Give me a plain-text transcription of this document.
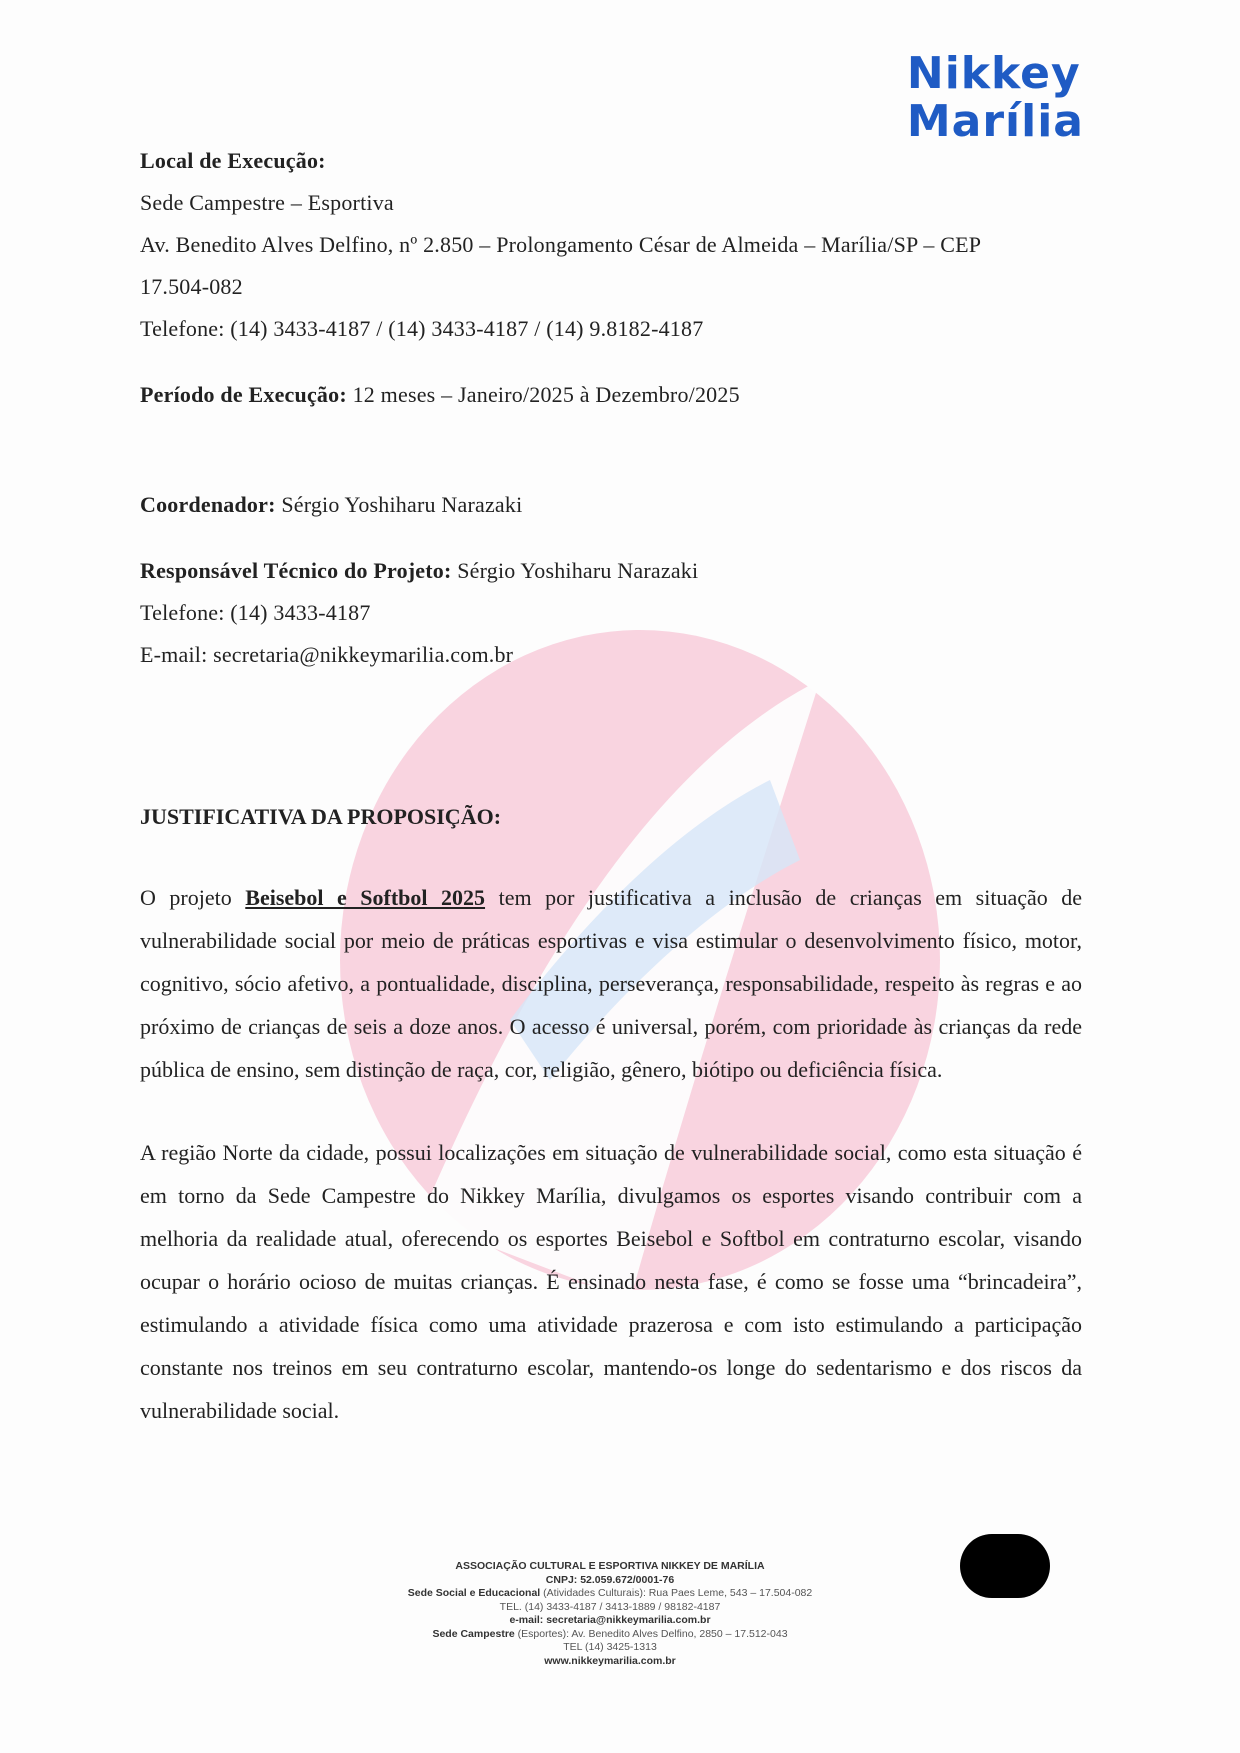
Nikkey
Marília
Local de Execução:
Sede Campestre – Esportiva
Av. Benedito Alves Delfino, nº 2.850 – Prolongamento César de Almeida – Marília/SP – CEP
17.504-082
Telefone: (14) 3433-4187 / (14) 3433-4187 / (14) 9.8182-4187
Período de Execução: 12 meses – Janeiro/2025 à Dezembro/2025
Coordenador: Sérgio Yoshiharu Narazaki
Responsável Técnico do Projeto: Sérgio Yoshiharu Narazaki
Telefone: (14) 3433-4187
E-mail: secretaria@nikkeymarilia.com.br
JUSTIFICATIVA DA PROPOSIÇÃO:

O projeto Beisebol e Softbol 2025 tem por justificativa a inclusão de crianças em situação de vulnerabilidade social por meio de práticas esportivas e visa estimular o desenvolvimento físico, motor, cognitivo, sócio afetivo, a pontualidade, disciplina, perseverança, responsabilidade, respeito às regras e ao próximo de crianças de seis a doze anos. O acesso é universal, porém, com prioridade às crianças da rede pública de ensino, sem distinção de raça, cor, religião, gênero, biótipo ou deficiência física.

A região Norte da cidade, possui localizações em situação de vulnerabilidade social, como esta situação é em torno da Sede Campestre do Nikkey Marília, divulgamos os esportes visando contribuir com a melhoria da realidade atual, oferecendo os esportes Beisebol e Softbol em contraturno escolar, visando ocupar o horário ocioso de muitas crianças. É ensinado nesta fase, é como se fosse uma “brincadeira”, estimulando a atividade física como uma atividade prazerosa e com isto estimulando a participação constante nos treinos em seu contraturno escolar, mantendo-os longe do sedentarismo e dos riscos da vulnerabilidade social.

ASSOCIAÇÃO CULTURAL E ESPORTIVA NIKKEY DE MARÍLIA
CNPJ: 52.059.672/0001-76
Sede Social e Educacional (Atividades Culturais): Rua Paes Leme, 543 – 17.504-082
TEL. (14) 3433-4187 / 3413-1889 / 98182-4187
e-mail: secretaria@nikkeymarilia.com.br
Sede Campestre (Esportes): Av. Benedito Alves Delfino, 2850 – 17.512-043
TEL (14) 3425-1313
www.nikkeymarilia.com.br
